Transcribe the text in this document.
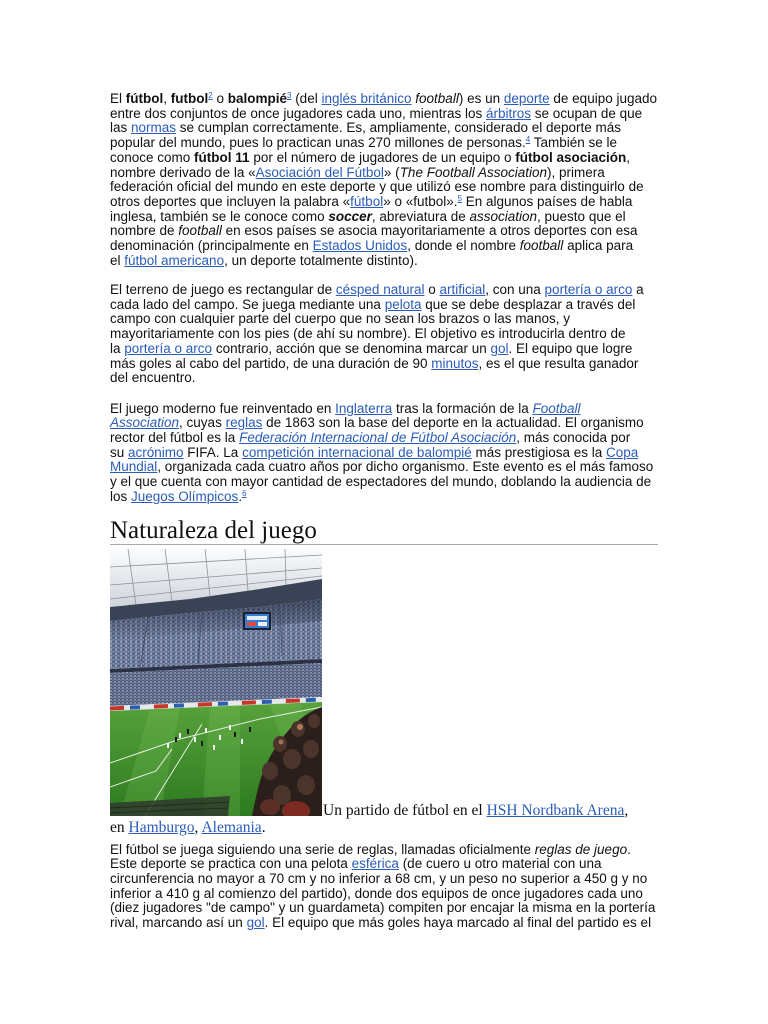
El fútbol, futbol$^2$ o balompié$^3$ (del inglés británico football) es un deporte de equipo jugado
entre dos conjuntos de once jugadores cada uno, mientras los árbitros se ocupan de que
las normas se cumplan correctamente. Es, ampliamente, considerado el deporte más
popular del mundo, pues lo practican unas 270 millones de personas.$^4$ También se le
conoce como fútbol 11 por el número de jugadores de un equipo o fútbol asociación,
nombre derivado de la «Asociación del Fútbol» (The Football Association), primera
federación oficial del mundo en este deporte y que utilizó ese nombre para distinguirlo de
otros deportes que incluyen la palabra «fútbol» o «futbol».$^5$ En algunos países de habla
inglesa, también se le conoce como soccer, abreviatura de association, puesto que el
nombre de football en esos países se asocia mayoritariamente a otros deportes con esa
denominación (principalmente en Estados Unidos, donde el nombre football aplica para
el fútbol americano, un deporte totalmente distinto).
El terreno de juego es rectangular de césped natural o artificial, con una portería o arco a
cada lado del campo. Se juega mediante una pelota que se debe desplazar a través del
campo con cualquier parte del cuerpo que no sean los brazos o las manos, y
mayoritariamente con los pies (de ahí su nombre). El objetivo es introducirla dentro de
la portería o arco contrario, acción que se denomina marcar un gol. El equipo que logre
más goles al cabo del partido, de una duración de 90 minutos, es el que resulta ganador
del encuentro.
El juego moderno fue reinventado en Inglaterra tras la formación de la Football
Association, cuyas reglas de 1863 son la base del deporte en la actualidad. El organismo
rector del fútbol es la Federación Internacional de Fútbol Asociación, más conocida por
su acrónimo FIFA. La competición internacional de balompié más prestigiosa es la Copa
Mundial, organizada cada cuatro años por dicho organismo. Este evento es el más famoso
y el que cuenta con mayor cantidad de espectadores del mundo, doblando la audiencia de
los Juegos Olímpicos.$^6$
Naturaleza del juego
Un partido de fútbol en el HSH Nordbank Arena,
en Hamburgo, Alemania.
El fútbol se juega siguiendo una serie de reglas, llamadas oficialmente reglas de juego.
Este deporte se practica con una pelota esférica (de cuero u otro material con una
circunferencia no mayor a 70 cm y no inferior a 68 cm, y un peso no superior a 450 g y no
inferior a 410 g al comienzo del partido), donde dos equipos de once jugadores cada uno
(diez jugadores "de campo" y un guardameta) compiten por encajar la misma en la portería
rival, marcando así un gol. El equipo que más goles haya marcado al final del partido es el
